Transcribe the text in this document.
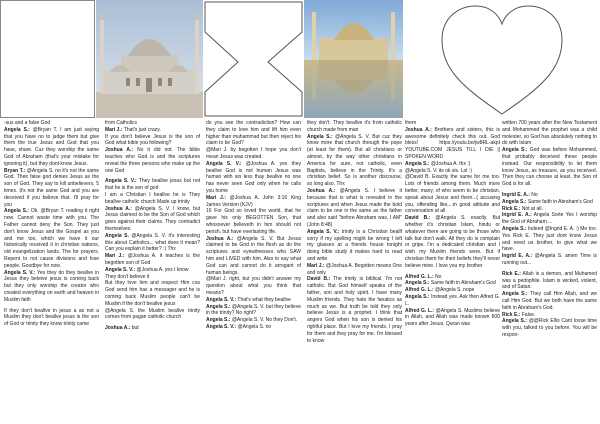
-sus and a false God

Angela S.: @Bryan T. I am just saying that you have no to judge them but give them the true Jesus and God that you have, share. Cuz they worship the same God of Abraham (that's your mistake for ignoring it), but they dont know Jesus.

Bryan T.: @Angela S. no it's not the same God. Their false god denies Jesus as the son of God. They say to kill unbelievers, 5 times. It's not the same God and you are deceived if you believe that. I'll pray for you

Angela S.: Ok. @Bryan T. reading it right now. Cannot waste time with you. The Father cannot deny the Son. They just don't know Jesus and the Gospel as you and me too, which we have it our historically received it in christian nations, old evangelization lands. The for prayers. Repent to not cause divisions and lose people. Goodbye for now.

Angela S. V.: Yes they do they beallve in Jesus they beleive jesus is coming back but they only worship the creator who created everything on earth and heaven in Muslim faith

If they don't beallve in jesus a as not a Muslim they don't beallve jesus is the son of God or trinity they know trinity came

from Catholics

Mari J.: That's just crazy.

If you don't believe Jesus is the son of God what bible you following?

Joshua A.: No it did not. The bible teaches who God is and the scriptures reveal the three persons who make up the one God

Angela S. V.: They beallve jesus but not that he is the son of god

I am a Christian I beallve he is They beallve catholic church Made up trinity

Joshua A.: @Angela S. V. I know, but Jesus claimed to be the Son of God which goes against their claims. They contradict themselves.

Angela S. @Angela S. V. it's interesting this about Catholics... what does it mean? Can you explain it better? :) Thx

Mari J.: @Joshua A. it teaches is the begotten son of God

Angela S. V.: @Joshua A. yes I know

They don't believe it

But they love him and respect Him cos God send him has a messager and he is coming back Muslim people can't be Muslim if the don't beallve jesus

@Angela S. the Muslim beallve trinity comes from pagan catholic church

Joshua A.: but

do you see the contradiction? How can they claim to love him and lift him even higher than muhammad but then reject his claim to be God?

@Mari J. by begotten I hope you don't mean Jesus was created.

Angela S. V.: @Joshua A. yes they beallve God is not human Jesus was human with sin less thay beallve no one has never seen God only when he calls you home

Mari J.: @Joshua A. John 3:16 King James Version (KJV)

16 For God so loved the world, that he gave his only BEGOTTEN Son, that whosoever believeth in him should not perish, but have everlasting life.

Joshua A.: @Angela S. V. But Jesus claimed to be God in the flesh as do the scriptures and eyewitnesses who SAW him and LIVED with him. Also to say what God can and cannot do it arrogant of human beings.

@Mari J. right, but you didn't answer my question about what you think that means?

Angela S. V.: That's what they beallve

Angela S.: @Angela S. V. but they believe in the trinity? No right?

Angela S.: @Angela S. V. No they Don't.

Angela S. V.: @Angela S. no

they don't. They beallve it's from catholic church made from man

Angela S.: @Angela S. V. But cuz they know more that church through the pope (at least for them). But all christians or almost, by the way other christians in America for sure, not catholic, even Baptists, believe in the Trinity. It's a christian belief. So is another discourse, so long also. Thx

Joshua A.: @Angela S. I believe it because that is what is revealed in the scriptures and when Jesus made the bold claim to be one in the same as the father and also said "before Abraham was, I AM" (John 8:48)

Angela S. V.: trinity is a Christian beallf sorry if my spelling might be wrong I left my glasses at a friends house tonight doing bible study it makes hard to read and write

Mari J.: @Joshua A. Begotten means One and only

David B.: The trinity is biblical. I'm not catholic. But God himself speaks of the father, son and holy spirit. I have many Muslim friends. They hate the fanatics as much as we. But truth be told they only believe Jesus is a prophet. I think that angers God when his son is denied his rightful place. But I love my friends. I pray for them and they pray for me. I'm blessed to know

them

Joshua A.: Brothers and sisters, this is awesome definitely check this out. God bless! https://youtu.be/jw8RL-akpI YOUTUBE.COM JESUS TILL I DIE || SPOKEN WORD

Angela S.: @Joshua A. thx :)

@Angela S. V. its ok sis. Lol :)

@David B. Exactly the same for me too. Lots of friends among them. Much more better, many, of who seem to be christian, speak about Jesus and them...( accusing you, offending like,...m good attitude and conversation at all

David B.: @Angela S. exactly. But whether it's christian Islam, hindu or whatever there are going to be those who talk but don't walk. All they do is complain or gripe. I'm a dedicated christian and I wish my Muslim friends were. But if christian them for their beliefs they'll never believe mine. I love you my brother

Alfred G. L.: No

Angela S.: Same faith in Abraham's God

Alfred G. L.: @Angela S. nope

Angela S.: Instead yes. Ask then Alfred G. L.

Alfred G. L.: @Angela S. Muslims believe in Allah, and Allah was made known 600 years after Jesus. Quran was

written 700 years after the New Testament and Mohammed the prophet was a child molester, so God has absolutely nothing to do with Islam

Angela S.: God was before Mohammed, that probably deceived these people instead. Our responsibility to let them know Jesus, as treasure, as you received. Then they can choose at least. the Son of God is for all.

Ingrid E. A.: No

Angela S.: Same faith in Abraham's God

Rick E.: Not at all.

Ingrid E. A.: Angela Sorte Yes I worship the God of Abraham....

Angela S.: Indeed @Ingrid E. A. :) Me too. Yes Rick E. They just dont know Jesus and need us brother, to give what we have.

Ingrid E. A.: @Angela S. amen Time is running out...

Rick E.: Allah is a demon, and Muhamed was a pedophile. Islam is wicked, violent, and of Satan.

Angela S.: They call Him Allah, and we call Him God. But we both have the same faith in Abraham's God.

Rick E.: False.

Angela S.: @@Rick Ellis Cant loose time with you, talked to you before. You will be respon-
